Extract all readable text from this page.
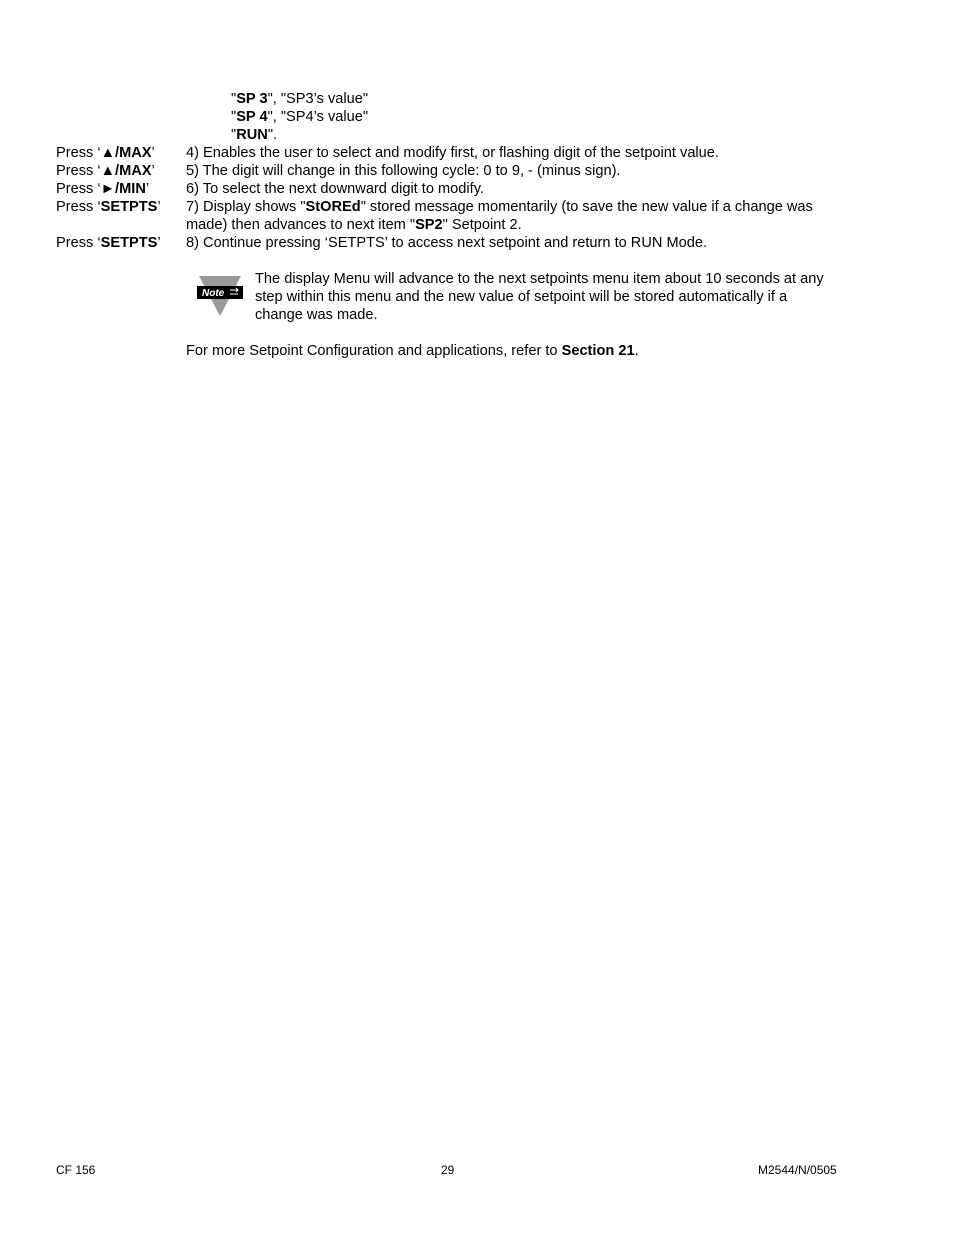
"SP 3", "SP3’s value"
"SP 4", "SP4’s value"
"RUN".
Press ‘▲/MAX’ 4) Enables the user to select and modify first, or flashing digit of the setpoint value.
Press ‘▲/MAX’ 5) The digit will change in this following cycle: 0 to 9, - (minus sign).
Press ‘►/MIN’	6) To select the next downward digit to modify.
Press ‘SETPTS’ 7) Display shows "StOREd" stored message momentarily (to save the new value if a change was
made) then advances to next item "SP2" Setpoint 2.
Press ‘SETPTS’ 8) Continue pressing ‘SETPTS’ to access next setpoint and return to RUN Mode.
Note
The display Menu will advance to the next setpoints menu item about 10 seconds at any
step within this menu and the new value of setpoint will be stored automatically if a
change was made.
For more Setpoint Configuration and applications, refer to Section 21.
CF 156	29	M2544/N/0505
